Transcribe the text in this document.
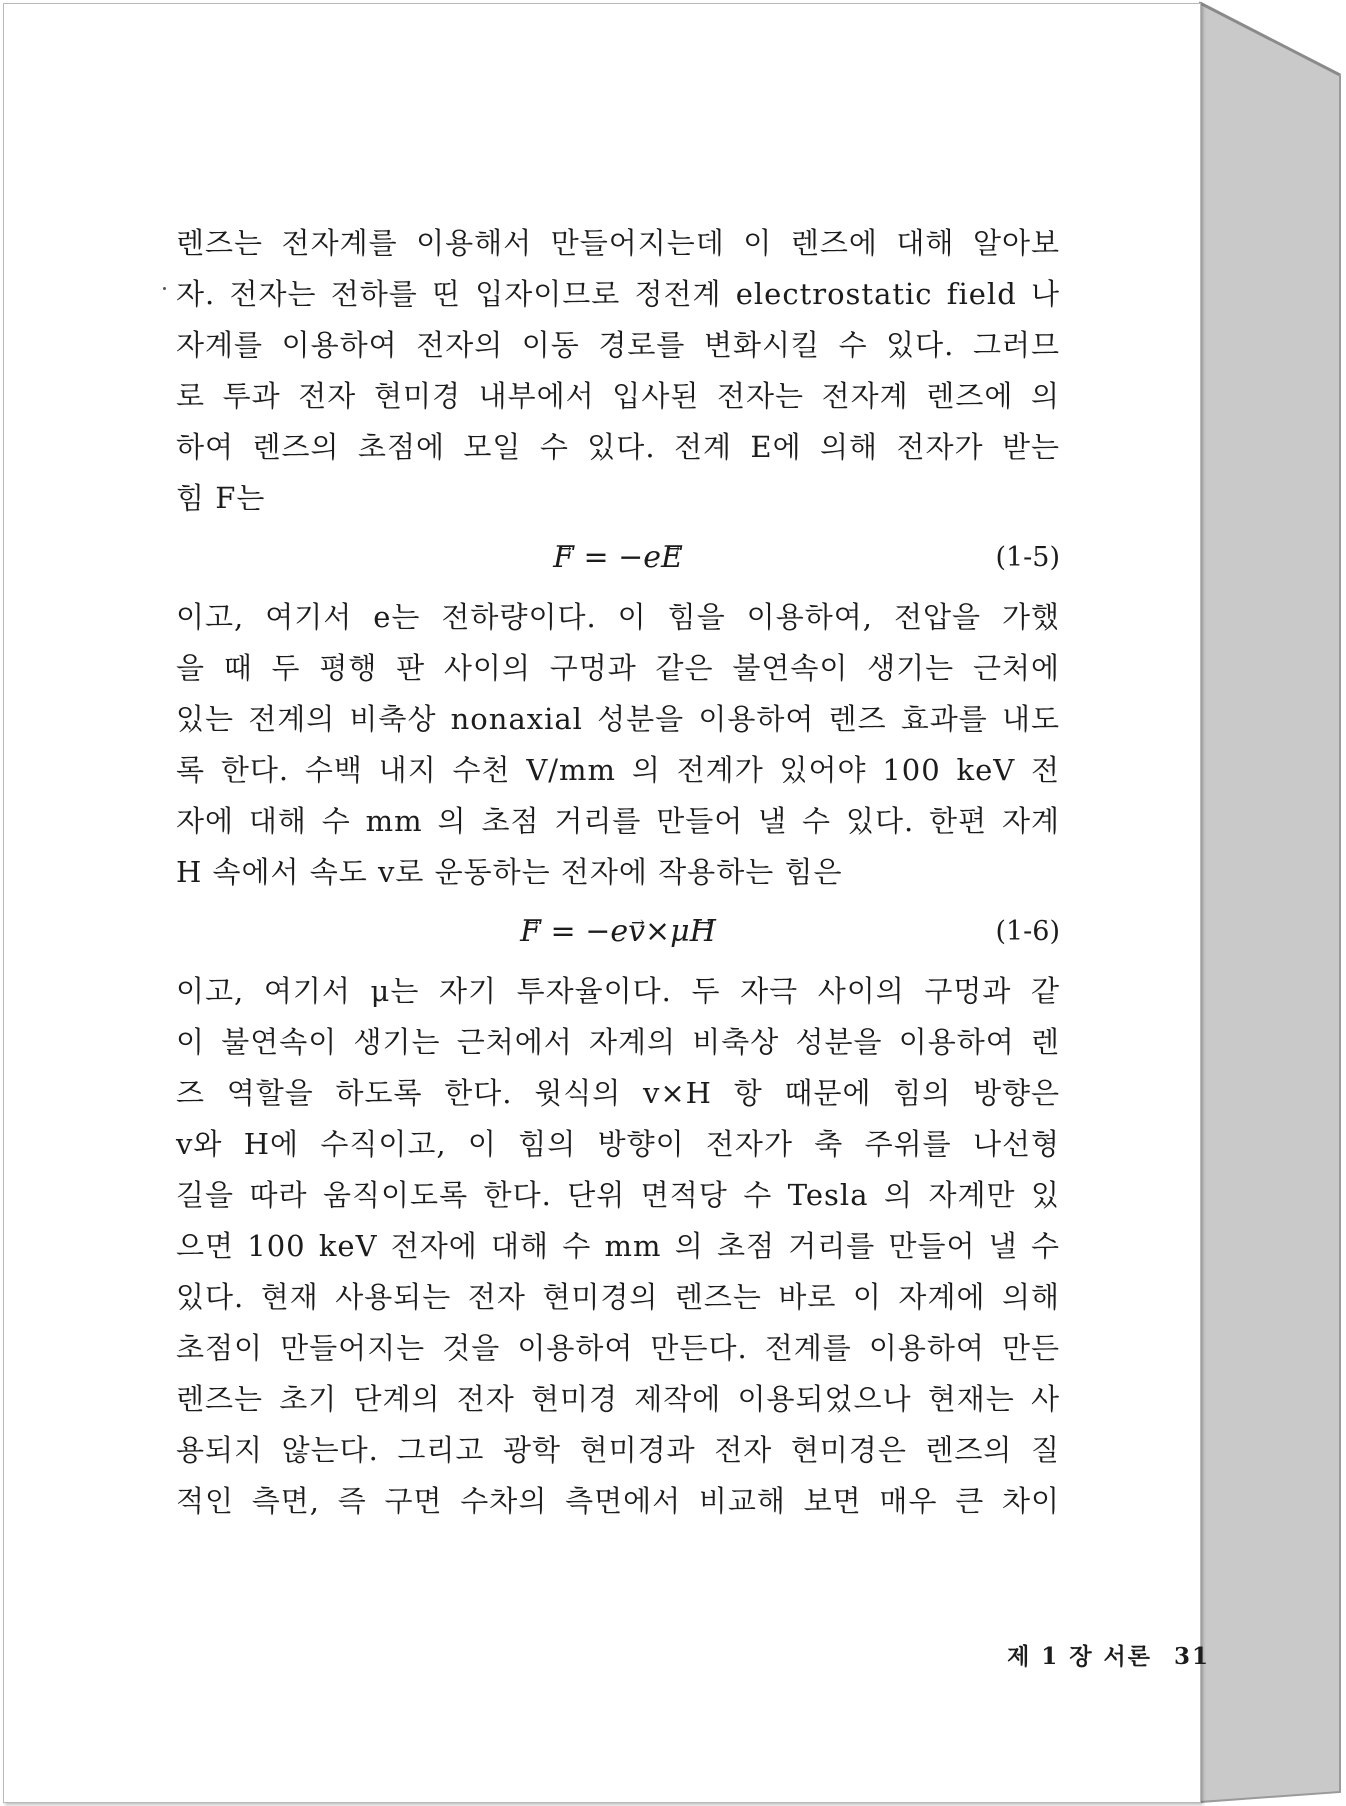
렌즈는 전자계를 이용해서 만들어지는데 이 렌즈에 대해 알아보
자. 전자는 전하를 띤 입자이므로 정전계 electrostatic field 나
자계를 이용하여 전자의 이동 경로를 변화시킬 수 있다. 그러므
로 투과 전자 현미경 내부에서 입사된 전자는 전자계 렌즈에 의
하여 렌즈의 초점에 모일 수 있다. 전계 E에 의해 전자가 받는
힘 F는
→ F = −e→ E	(1-5)
이고, 여기서 e는 전하량이다. 이 힘을 이용하여, 전압을 가했
을 때 두 평행 판 사이의 구멍과 같은 불연속이 생기는 근처에
있는 전계의 비축상 nonaxial 성분을 이용하여 렌즈 효과를 내도
록 한다. 수백 내지 수천 V/mm 의 전계가 있어야 100 keV 전
자에 대해 수 mm 의 초점 거리를 만들어 낼 수 있다. 한편 자계
H 속에서 속도 v로 운동하는 전자에 작용하는 힘은
→ F = −e→ v×μ→ H	(1-6)
이고, 여기서 μ는 자기 투자율이다. 두 자극 사이의 구멍과 같
이 불연속이 생기는 근처에서 자계의 비축상 성분을 이용하여 렌
즈 역할을 하도록 한다. 윗식의 v×H 항 때문에 힘의 방향은
v와 H에 수직이고, 이 힘의 방향이 전자가 축 주위를 나선형
길을 따라 움직이도록 한다. 단위 면적당 수 Tesla 의 자계만 있
으면 100 keV 전자에 대해 수 mm 의 초점 거리를 만들어 낼 수
있다. 현재 사용되는 전자 현미경의 렌즈는 바로 이 자계에 의해
초점이 만들어지는 것을 이용하여 만든다. 전계를 이용하여 만든
렌즈는 초기 단계의 전자 현미경 제작에 이용되었으나 현재는 사
용되지 않는다. 그리고 광학 현미경과 전자 현미경은 렌즈의 질
적인 측면, 즉 구면 수차의 측면에서 비교해 보면 매우 큰 차이
제 1 장 서론 31
